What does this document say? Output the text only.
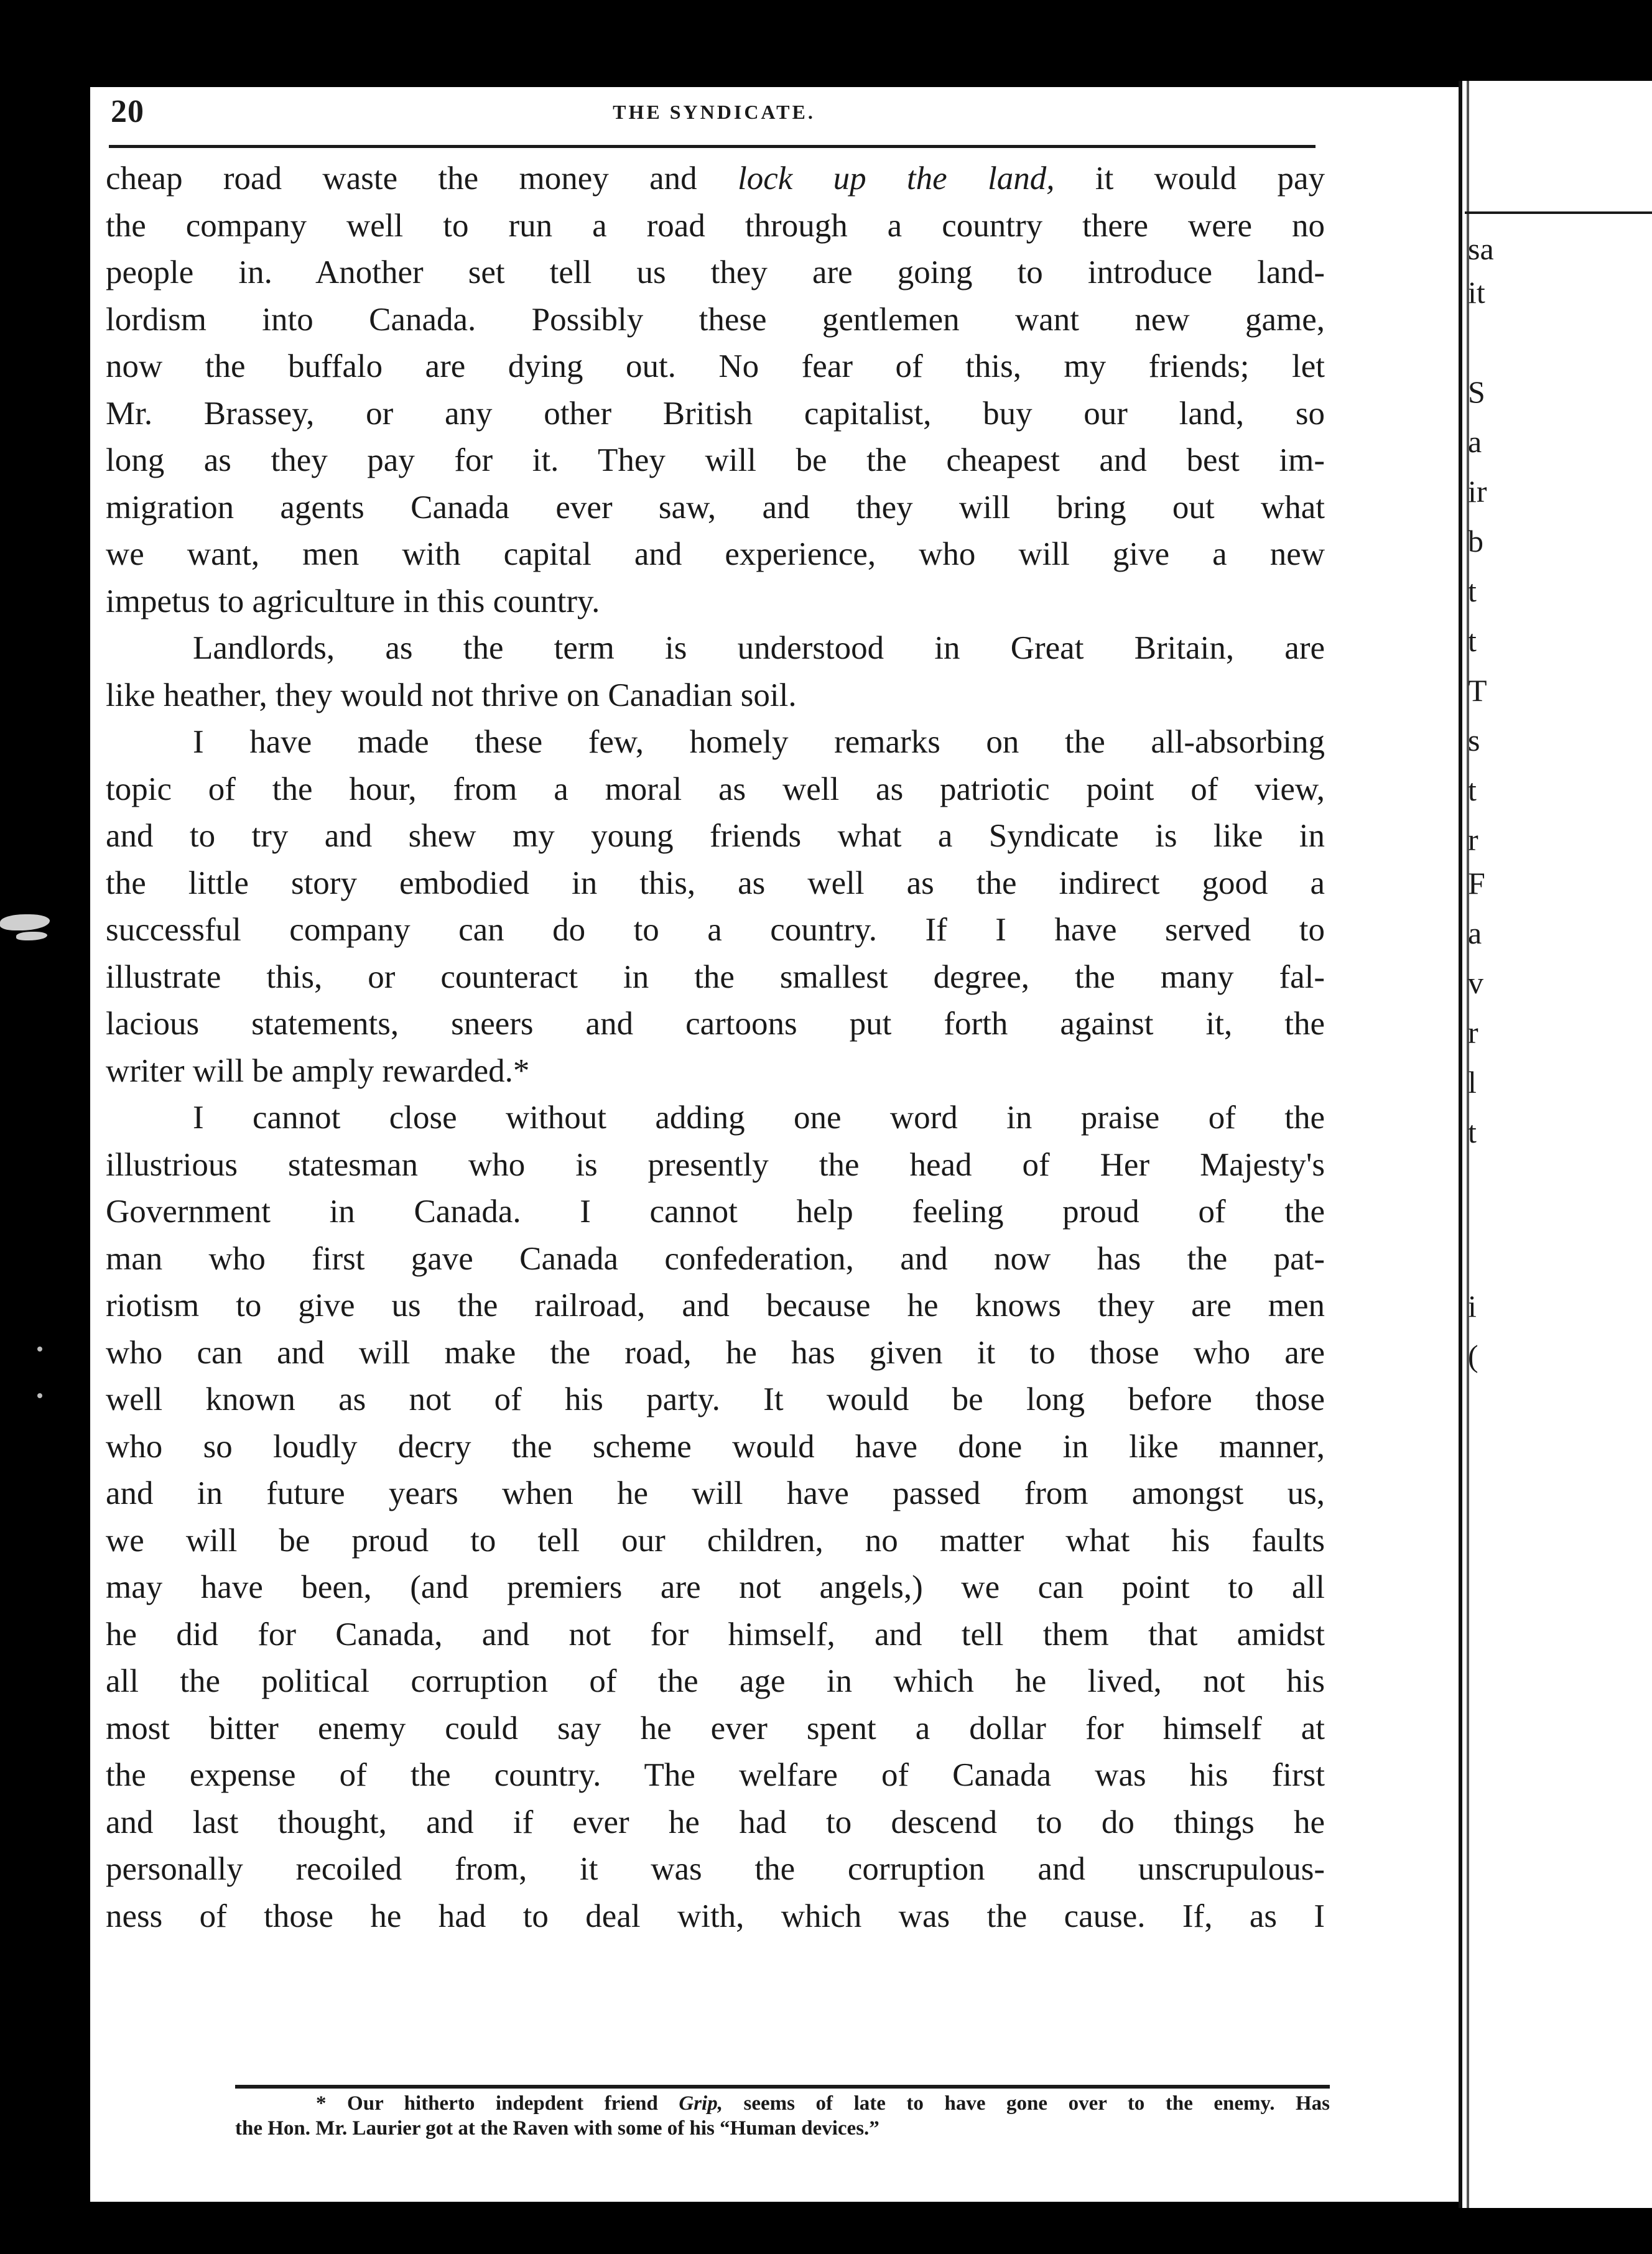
sa
it
S
a
ir
b
t
t
T
s
t
r
F
a
v
r
l
t
i
(
20	THE SYNDICATE.
cheap road waste the money and lock up the land, it would pay
the company well to run a road through a country there were no
people in. Another set tell us they are going to introduce land-
lordism into Canada. Possibly these gentlemen want new game,
now the buffalo are dying out. No fear of this, my friends; let
Mr. Brassey, or any other British capitalist, buy our land, so
long as they pay for it. They will be the cheapest and best im-
migration agents Canada ever saw, and they will bring out what
we want, men with capital and experience, who will give a new
impetus to agriculture in this country.
Landlords, as the term is understood in Great Britain, are
like heather, they would not thrive on Canadian soil.
I have made these few, homely remarks on the all-absorbing
topic of the hour, from a moral as well as patriotic point of view,
and to try and shew my young friends what a Syndicate is like in
the little story embodied in this, as well as the indirect good a
successful company can do to a country. If I have served to
illustrate this, or counteract in the smallest degree, the many fal-
lacious statements, sneers and cartoons put forth against it, the
writer will be amply rewarded.*
I cannot close without adding one word in praise of the
illustrious statesman who is presently the head of Her Majesty's
Government in Canada. I cannot help feeling proud of the
man who first gave Canada confederation, and now has the pat-
riotism to give us the railroad, and because he knows they are men
who can and will make the road, he has given it to those who are
well known as not of his party. It would be long before those
who so loudly decry the scheme would have done in like manner,
and in future years when he will have passed from amongst us,
we will be proud to tell our children, no matter what his faults
may have been, (and premiers are not angels,) we can point to all
he did for Canada, and not for himself, and tell them that amidst
all the political corruption of the age in which he lived, not his
most bitter enemy could say he ever spent a dollar for himself at
the expense of the country. The welfare of Canada was his first
and last thought, and if ever he had to descend to do things he
personally recoiled from, it was the corruption and unscrupulous-
ness of those he had to deal with, which was the cause. If, as I
* Our hitherto indepdent friend Grip, seems of late to have gone over to the enemy. Has
the Hon. Mr. Laurier got at the Raven with some of his “Human devices.”
